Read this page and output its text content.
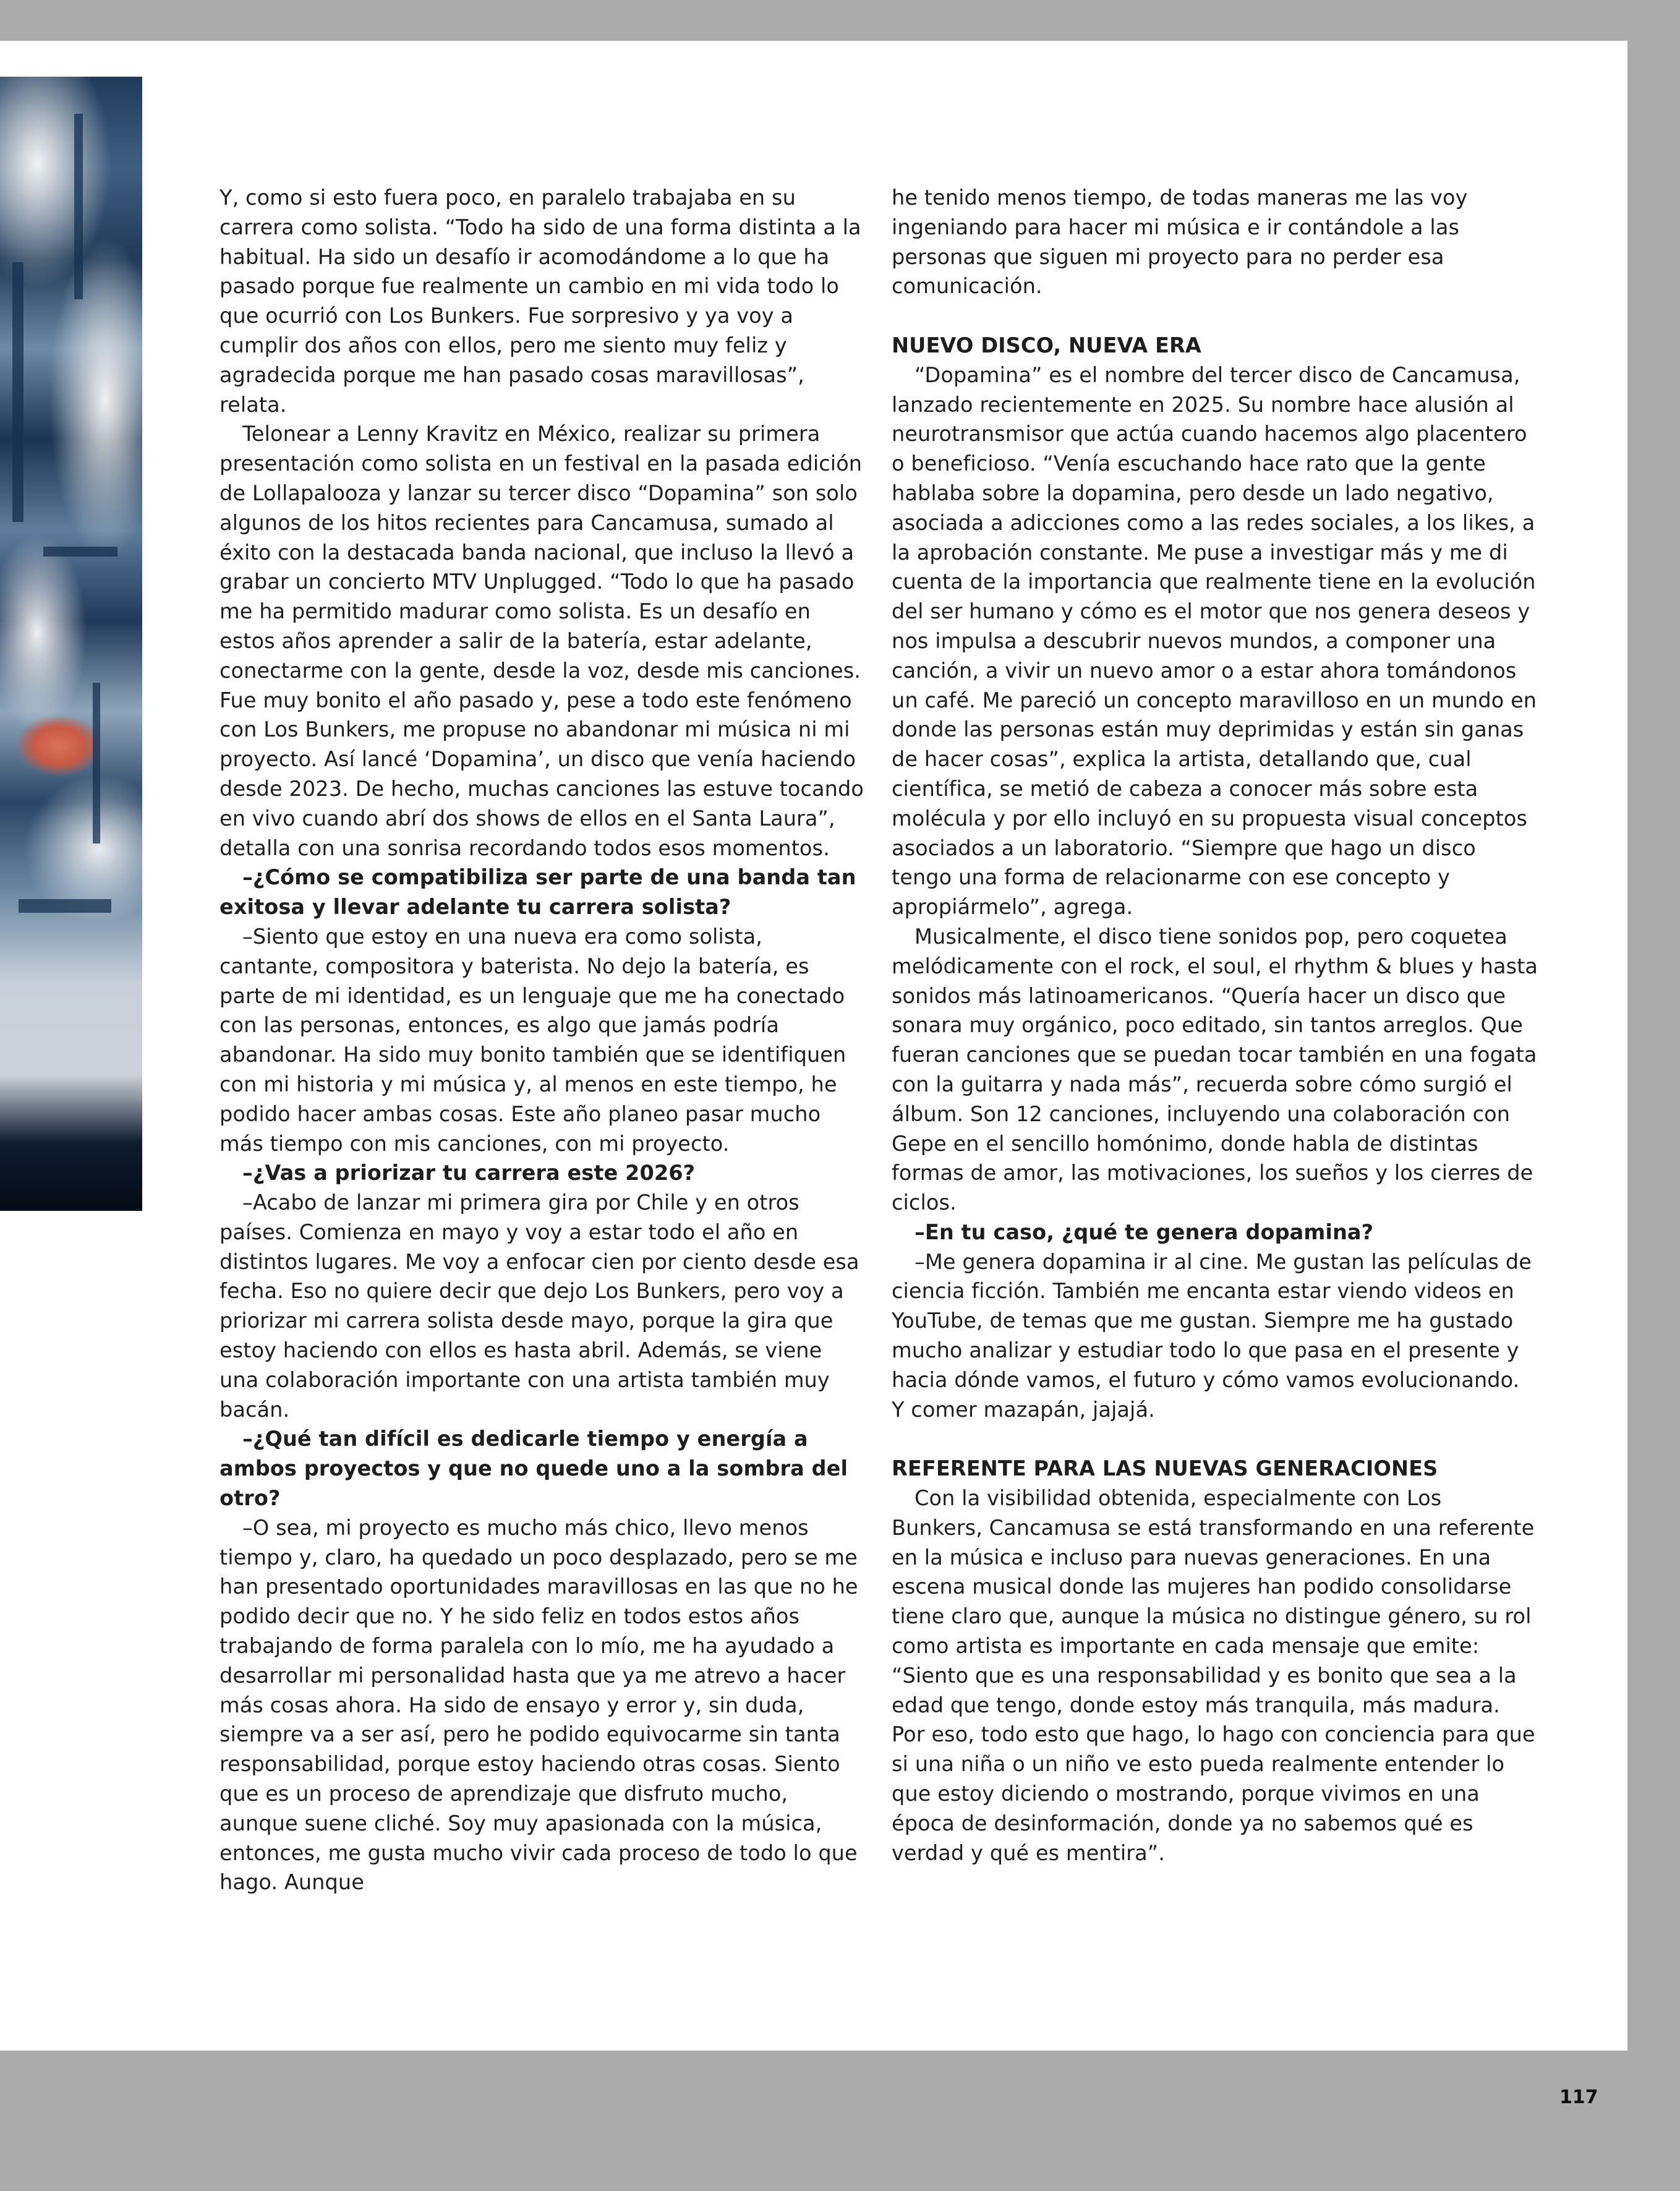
Y, como si esto fuera poco, en paralelo trabajaba en su carrera como solista. “Todo ha sido de una forma distinta a la habitual. Ha sido un desafío ir acomodándome a lo que ha pasado porque fue realmente un cambio en mi vida todo lo que ocurrió con Los Bunkers. Fue sorpresivo y ya voy a cumplir dos años con ellos, pero me siento muy feliz y agradecida porque me han pasado cosas maravillosas”, relata.

Telonear a Lenny Kravitz en México, realizar su primera presentación como solista en un festival en la pasada edición de Lollapalooza y lanzar su tercer disco “Dopamina” son solo algunos de los hitos recientes para Cancamusa, sumado al éxito con la destacada banda nacional, que incluso la llevó a grabar un concierto MTV Unplugged. “Todo lo que ha pasado me ha permitido madurar como solista. Es un desafío en estos años aprender a salir de la batería, estar adelante, conectarme con la gente, desde la voz, desde mis canciones. Fue muy bonito el año pasado y, pese a todo este fenómeno con Los Bunkers, me propuse no abandonar mi música ni mi proyecto. Así lancé ‘Dopamina’, un disco que venía haciendo desde 2023. De hecho, muchas canciones las estuve tocando en vivo cuando abrí dos shows de ellos en el Santa Laura”, detalla con una sonrisa recordando todos esos momentos.

–¿Cómo se compatibiliza ser parte de una banda tan exitosa y llevar adelante tu carrera solista?

–Siento que estoy en una nueva era como solista, cantante, compositora y baterista. No dejo la batería, es parte de mi identidad, es un lenguaje que me ha conectado con las personas, entonces, es algo que jamás podría abandonar. Ha sido muy bonito también que se identifiquen con mi historia y mi música y, al menos en este tiempo, he podido hacer ambas cosas. Este año planeo pasar mucho más tiempo con mis canciones, con mi proyecto.

–¿Vas a priorizar tu carrera este 2026?

–Acabo de lanzar mi primera gira por Chile y en otros países. Comienza en mayo y voy a estar todo el año en distintos lugares. Me voy a enfocar cien por ciento desde esa fecha. Eso no quiere decir que dejo Los Bunkers, pero voy a priorizar mi carrera solista desde mayo, porque la gira que estoy haciendo con ellos es hasta abril. Además, se viene una colaboración importante con una artista también muy bacán.

–¿Qué tan difícil es dedicarle tiempo y energía a ambos proyectos y que no quede uno a la sombra del otro?

–O sea, mi proyecto es mucho más chico, llevo menos tiempo y, claro, ha quedado un poco desplazado, pero se me han presentado oportunidades maravillosas en las que no he podido decir que no. Y he sido feliz en todos estos años trabajando de forma paralela con lo mío, me ha ayudado a desarrollar mi personalidad hasta que ya me atrevo a hacer más cosas ahora. Ha sido de ensayo y error y, sin duda, siempre va a ser así, pero he podido equivocarme sin tanta responsabilidad, porque estoy haciendo otras cosas. Siento que es un proceso de aprendizaje que disfruto mucho, aunque suene cliché. Soy muy apasionada con la música, entonces, me gusta mucho vivir cada proceso de todo lo que hago. Aunque

he tenido menos tiempo, de todas maneras me las voy ingeniando para hacer mi música e ir contándole a las personas que siguen mi proyecto para no perder esa comunicación.

NUEVO DISCO, NUEVA ERA

“Dopamina” es el nombre del tercer disco de Cancamusa, lanzado recientemente en 2025. Su nombre hace alusión al neurotransmisor que actúa cuando hacemos algo placentero o beneficioso. “Venía escuchando hace rato que la gente hablaba sobre la dopamina, pero desde un lado negativo, asociada a adicciones como a las redes sociales, a los likes, a la aprobación constante. Me puse a investigar más y me di cuenta de la importancia que realmente tiene en la evolución del ser humano y cómo es el motor que nos genera deseos y nos impulsa a descubrir nuevos mundos, a componer una canción, a vivir un nuevo amor o a estar ahora tomándonos un café. Me pareció un concepto maravilloso en un mundo en donde las personas están muy deprimidas y están sin ganas de hacer cosas”, explica la artista, detallando que, cual científica, se metió de cabeza a conocer más sobre esta molécula y por ello incluyó en su propuesta visual conceptos asociados a un laboratorio. “Siempre que hago un disco tengo una forma de relacionarme con ese concepto y apropiármelo”, agrega.

Musicalmente, el disco tiene sonidos pop, pero coquetea melódicamente con el rock, el soul, el rhythm & blues y hasta sonidos más latinoamericanos. “Quería hacer un disco que sonara muy orgánico, poco editado, sin tantos arreglos. Que fueran canciones que se puedan tocar también en una fogata con la guitarra y nada más”, recuerda sobre cómo surgió el álbum. Son 12 canciones, incluyendo una colaboración con Gepe en el sencillo homónimo, donde habla de distintas formas de amor, las motivaciones, los sueños y los cierres de ciclos.

–En tu caso, ¿qué te genera dopamina?

–Me genera dopamina ir al cine. Me gustan las películas de ciencia ficción. También me encanta estar viendo videos en YouTube, de temas que me gustan. Siempre me ha gustado mucho analizar y estudiar todo lo que pasa en el presente y hacia dónde vamos, el futuro y cómo vamos evolucionando. Y comer mazapán, jajajá.

REFERENTE PARA LAS NUEVAS GENERACIONES

Con la visibilidad obtenida, especialmente con Los Bunkers, Cancamusa se está transformando en una referente en la música e incluso para nuevas generaciones. En una escena musical donde las mujeres han podido consolidarse tiene claro que, aunque la música no distingue género, su rol como artista es importante en cada mensaje que emite: “Siento que es una responsabilidad y es bonito que sea a la edad que tengo, donde estoy más tranquila, más madura. Por eso, todo esto que hago, lo hago con conciencia para que si una niña o un niño ve esto pueda realmente entender lo que estoy diciendo o mostrando, porque vivimos en una época de desinformación, donde ya no sabemos qué es verdad y qué es mentira”.

117
